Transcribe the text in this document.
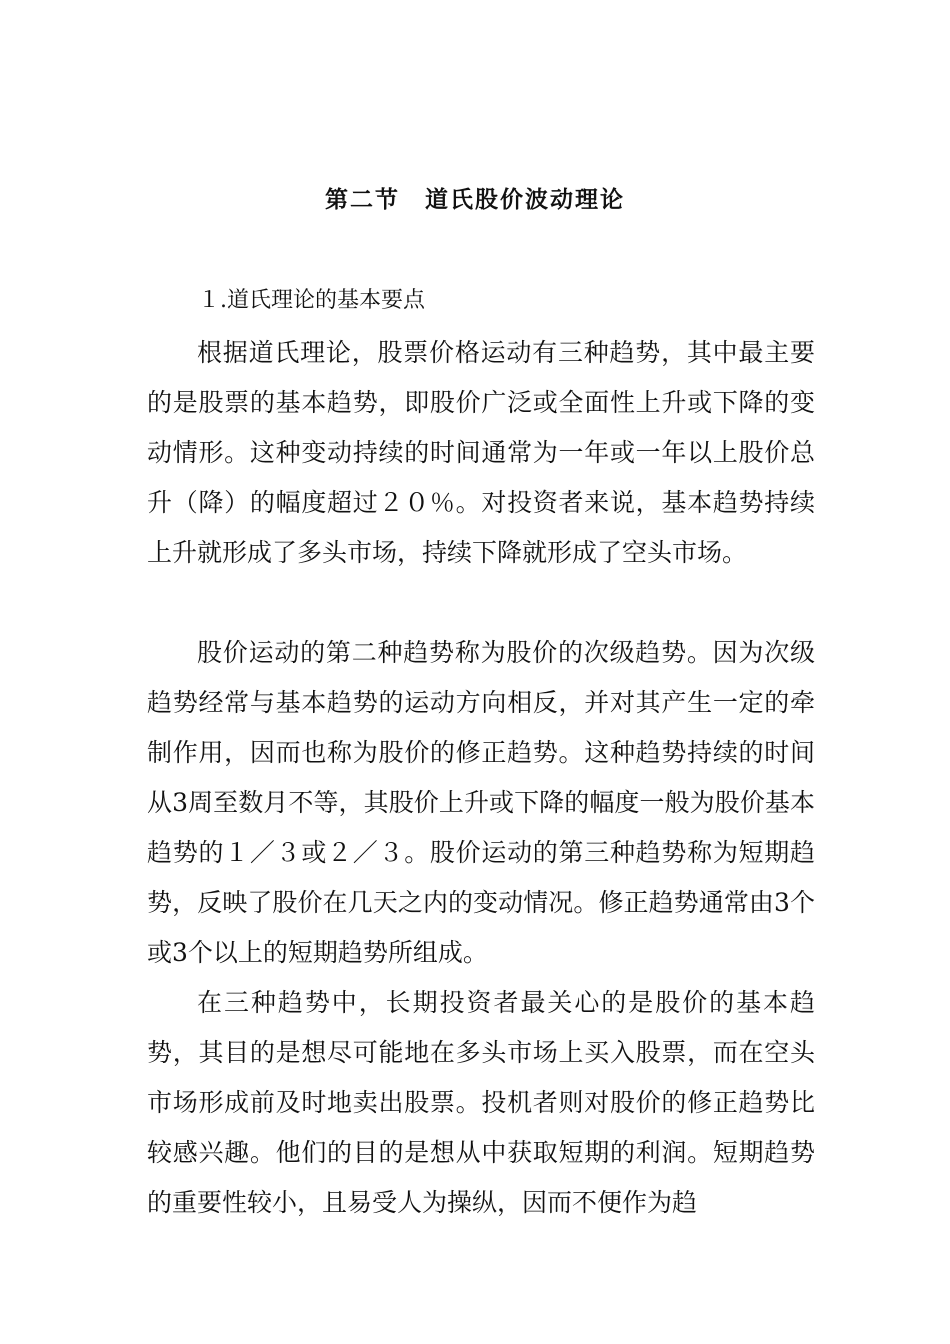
第二节　道氏股价波动理论

１.道氏理论的基本要点

根据道氏理论，股票价格运动有三种趋势，其中最主要的是股票的基本趋势，即股价广泛或全面性上升或下降的变动情形。这种变动持续的时间通常为一年或一年以上股价总升（降）的幅度超过２０％。对投资者来说，基本趋势持续上升就形成了多头市场，持续下降就形成了空头市场。

股价运动的第二种趋势称为股价的次级趋势。因为次级趋势经常与基本趋势的运动方向相反，并对其产生一定的牵制作用，因而也称为股价的修正趋势。这种趋势持续的时间从3周至数月不等，其股价上升或下降的幅度一般为股价基本趋势的１／３或２／３。股价运动的第三种趋势称为短期趋势，反映了股价在几天之内的变动情况。修正趋势通常由3个或3个以上的短期趋势所组成。

在三种趋势中，长期投资者最关心的是股价的基本趋势，其目的是想尽可能地在多头市场上买入股票，而在空头市场形成前及时地卖出股票。投机者则对股价的修正趋势比较感兴趣。他们的目的是想从中获取短期的利润。短期趋势的重要性较小，且易受人为操纵，因而不便作为趋
